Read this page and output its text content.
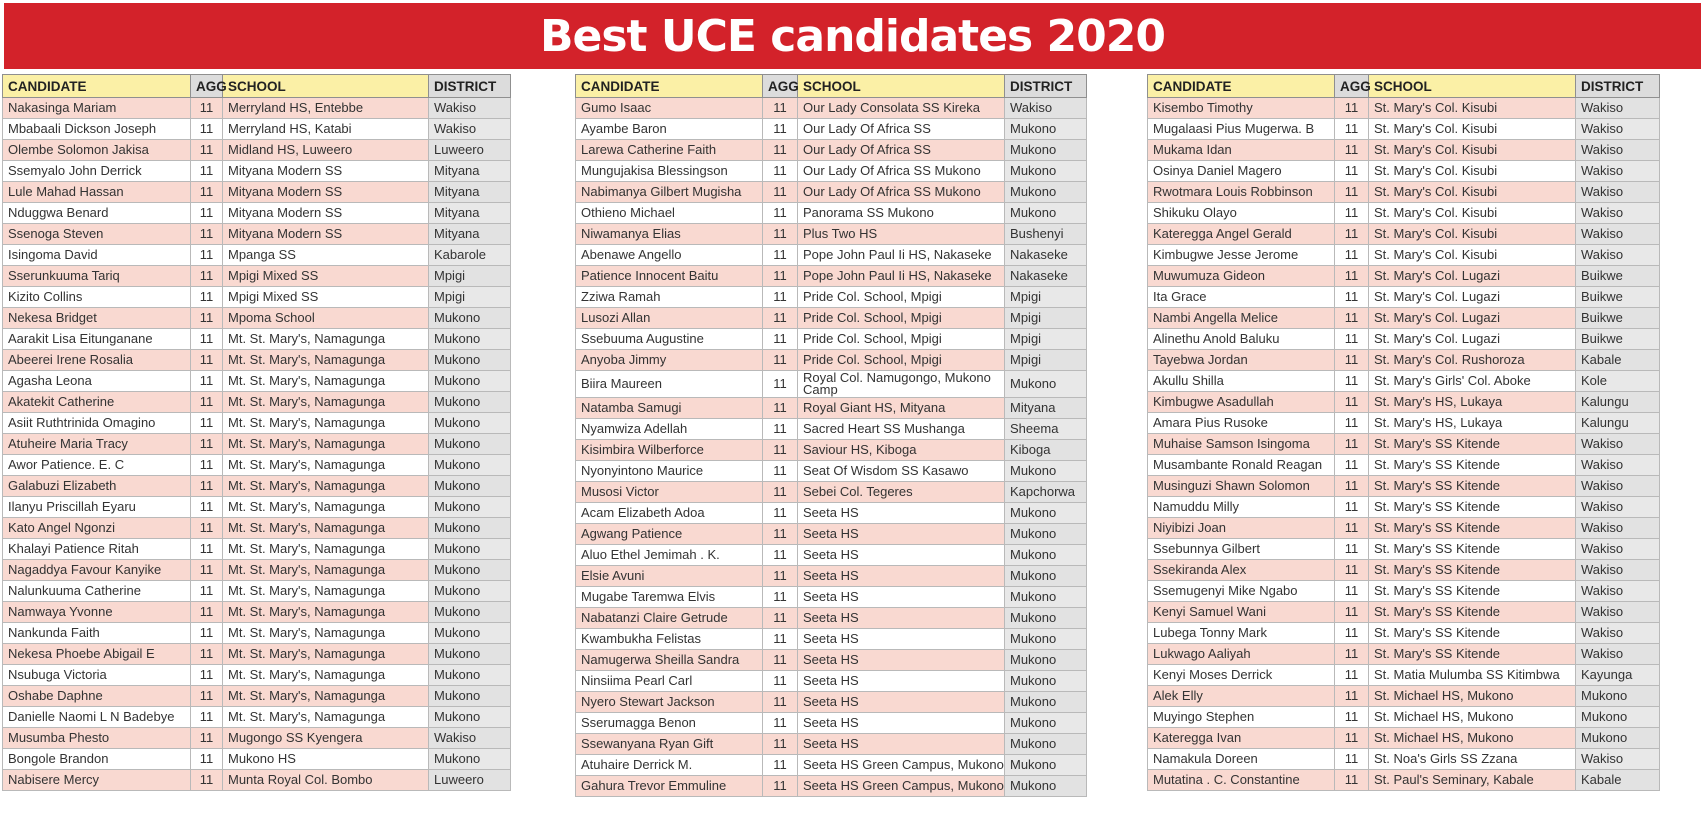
Best UCE candidates 2020
CANDIDATE	AGG	SCHOOL	DISTRICT
Nakasinga Mariam	11	Merryland HS, Entebbe	Wakiso
Mbabaali Dickson Joseph	11	Merryland HS, Katabi	Wakiso
Olembe Solomon Jakisa	11	Midland HS, Luweero	Luweero
Ssemyalo John Derrick	11	Mityana Modern SS	Mityana
Lule Mahad Hassan	11	Mityana Modern SS	Mityana
Nduggwa Benard	11	Mityana Modern SS	Mityana
Ssenoga Steven	11	Mityana Modern SS	Mityana
Isingoma David	11	Mpanga SS	Kabarole
Sserunkuuma Tariq	11	Mpigi Mixed SS	Mpigi
Kizito Collins	11	Mpigi Mixed SS	Mpigi
Nekesa Bridget	11	Mpoma School	Mukono
Aarakit Lisa Eitunganane	11	Mt. St. Mary's, Namagunga	Mukono
Abeerei Irene Rosalia	11	Mt. St. Mary's, Namagunga	Mukono
Agasha Leona	11	Mt. St. Mary's, Namagunga	Mukono
Akatekit Catherine	11	Mt. St. Mary's, Namagunga	Mukono
Asiit Ruthtrinida Omagino	11	Mt. St. Mary's, Namagunga	Mukono
Atuheire Maria Tracy	11	Mt. St. Mary's, Namagunga	Mukono
Awor Patience. E. C	11	Mt. St. Mary's, Namagunga	Mukono
Galabuzi Elizabeth	11	Mt. St. Mary's, Namagunga	Mukono
Ilanyu Priscillah Eyaru	11	Mt. St. Mary's, Namagunga	Mukono
Kato Angel Ngonzi	11	Mt. St. Mary's, Namagunga	Mukono
Khalayi Patience Ritah	11	Mt. St. Mary's, Namagunga	Mukono
Nagaddya Favour Kanyike	11	Mt. St. Mary's, Namagunga	Mukono
Nalunkuuma Catherine	11	Mt. St. Mary's, Namagunga	Mukono
Namwaya Yvonne	11	Mt. St. Mary's, Namagunga	Mukono
Nankunda Faith	11	Mt. St. Mary's, Namagunga	Mukono
Nekesa Phoebe Abigail E	11	Mt. St. Mary's, Namagunga	Mukono
Nsubuga Victoria	11	Mt. St. Mary's, Namagunga	Mukono
Oshabe Daphne	11	Mt. St. Mary's, Namagunga	Mukono
Danielle Naomi L N Badebye	11	Mt. St. Mary's, Namagunga	Mukono
Musumba Phesto	11	Mugongo SS Kyengera	Wakiso
Bongole Brandon	11	Mukono HS	Mukono
Nabisere Mercy	11	Munta Royal Col. Bombo	Luweero
CANDIDATE	AGG	SCHOOL	DISTRICT
Gumo Isaac	11	Our Lady Consolata SS Kireka	Wakiso
Ayambe Baron	11	Our Lady Of Africa SS	Mukono
Larewa Catherine Faith	11	Our Lady Of Africa SS	Mukono
Mungujakisa Blessingson	11	Our Lady Of Africa SS Mukono	Mukono
Nabimanya Gilbert Mugisha	11	Our Lady Of Africa SS Mukono	Mukono
Othieno Michael	11	Panorama SS Mukono	Mukono
Niwamanya Elias	11	Plus Two HS	Bushenyi
Abenawe Angello	11	Pope John Paul Ii HS, Nakaseke	Nakaseke
Patience Innocent Baitu	11	Pope John Paul Ii HS, Nakaseke	Nakaseke
Zziwa Ramah	11	Pride Col. School, Mpigi	Mpigi
Lusozi Allan	11	Pride Col. School, Mpigi	Mpigi
Ssebuuma Augustine	11	Pride Col. School, Mpigi	Mpigi
Anyoba Jimmy	11	Pride Col. School, Mpigi	Mpigi
Biira Maureen	11	Royal Col. Namugongo, Mukono Camp	Mukono
Natamba Samugi	11	Royal Giant HS, Mityana	Mityana
Nyamwiza Adellah	11	Sacred Heart SS Mushanga	Sheema
Kisimbira Wilberforce	11	Saviour HS, Kiboga	Kiboga
Nyonyintono Maurice	11	Seat Of Wisdom SS Kasawo	Mukono
Musosi Victor	11	Sebei Col. Tegeres	Kapchorwa
Acam Elizabeth Adoa	11	Seeta HS	Mukono
Agwang Patience	11	Seeta HS	Mukono
Aluo Ethel Jemimah . K.	11	Seeta HS	Mukono
Elsie Avuni	11	Seeta HS	Mukono
Mugabe Taremwa Elvis	11	Seeta HS	Mukono
Nabatanzi Claire Getrude	11	Seeta HS	Mukono
Kwambukha Felistas	11	Seeta HS	Mukono
Namugerwa Sheilla Sandra	11	Seeta HS	Mukono
Ninsiima Pearl Carl	11	Seeta HS	Mukono
Nyero Stewart Jackson	11	Seeta HS	Mukono
Sserumagga Benon	11	Seeta HS	Mukono
Ssewanyana Ryan Gift	11	Seeta HS	Mukono
Atuhaire Derrick M.	11	Seeta HS Green Campus, Mukono	Mukono
Gahura Trevor Emmuline	11	Seeta HS Green Campus, Mukono	Mukono
CANDIDATE	AGG	SCHOOL	DISTRICT
Kisembo Timothy	11	St. Mary's Col. Kisubi	Wakiso
Mugalaasi Pius Mugerwa. B	11	St. Mary's Col. Kisubi	Wakiso
Mukama Idan	11	St. Mary's Col. Kisubi	Wakiso
Osinya Daniel Magero	11	St. Mary's Col. Kisubi	Wakiso
Rwotmara Louis Robbinson	11	St. Mary's Col. Kisubi	Wakiso
Shikuku Olayo	11	St. Mary's Col. Kisubi	Wakiso
Kateregga Angel Gerald	11	St. Mary's Col. Kisubi	Wakiso
Kimbugwe Jesse Jerome	11	St. Mary's Col. Kisubi	Wakiso
Muwumuza Gideon	11	St. Mary's Col. Lugazi	Buikwe
Ita Grace	11	St. Mary's Col. Lugazi	Buikwe
Nambi Angella Melice	11	St. Mary's Col. Lugazi	Buikwe
Alinethu Anold Baluku	11	St. Mary's Col. Lugazi	Buikwe
Tayebwa Jordan	11	St. Mary's Col. Rushoroza	Kabale
Akullu Shilla	11	St. Mary's Girls' Col. Aboke	Kole
Kimbugwe Asadullah	11	St. Mary's HS, Lukaya	Kalungu
Amara Pius Rusoke	11	St. Mary's HS, Lukaya	Kalungu
Muhaise Samson Isingoma	11	St. Mary's SS Kitende	Wakiso
Musambante Ronald Reagan	11	St. Mary's SS Kitende	Wakiso
Musinguzi Shawn Solomon	11	St. Mary's SS Kitende	Wakiso
Namuddu Milly	11	St. Mary's SS Kitende	Wakiso
Niyibizi Joan	11	St. Mary's SS Kitende	Wakiso
Ssebunnya Gilbert	11	St. Mary's SS Kitende	Wakiso
Ssekiranda Alex	11	St. Mary's SS Kitende	Wakiso
Ssemugenyi Mike Ngabo	11	St. Mary's SS Kitende	Wakiso
Kenyi Samuel Wani	11	St. Mary's SS Kitende	Wakiso
Lubega Tonny Mark	11	St. Mary's SS Kitende	Wakiso
Lukwago Aaliyah	11	St. Mary's SS Kitende	Wakiso
Kenyi Moses Derrick	11	St. Matia Mulumba SS Kitimbwa	Kayunga
Alek Elly	11	St. Michael HS, Mukono	Mukono
Muyingo Stephen	11	St. Michael HS, Mukono	Mukono
Kateregga Ivan	11	St. Michael HS, Mukono	Mukono
Namakula Doreen	11	St. Noa's Girls SS Zzana	Wakiso
Mutatina . C. Constantine	11	St. Paul's Seminary, Kabale	Kabale
